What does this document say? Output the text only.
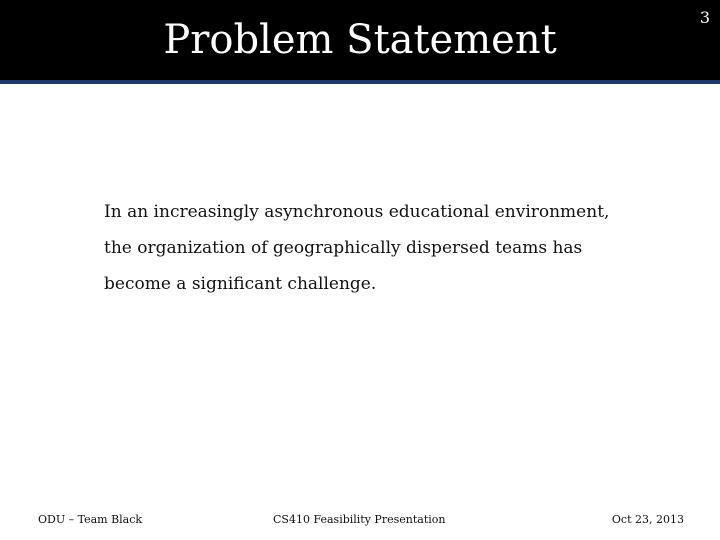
Problem Statement	3
In an increasingly asynchronous educational environment,
the organization of geographically dispersed teams has
become a significant challenge.
ODU – Team Black	CS410 Feasibility Presentation	Oct 23, 2013
